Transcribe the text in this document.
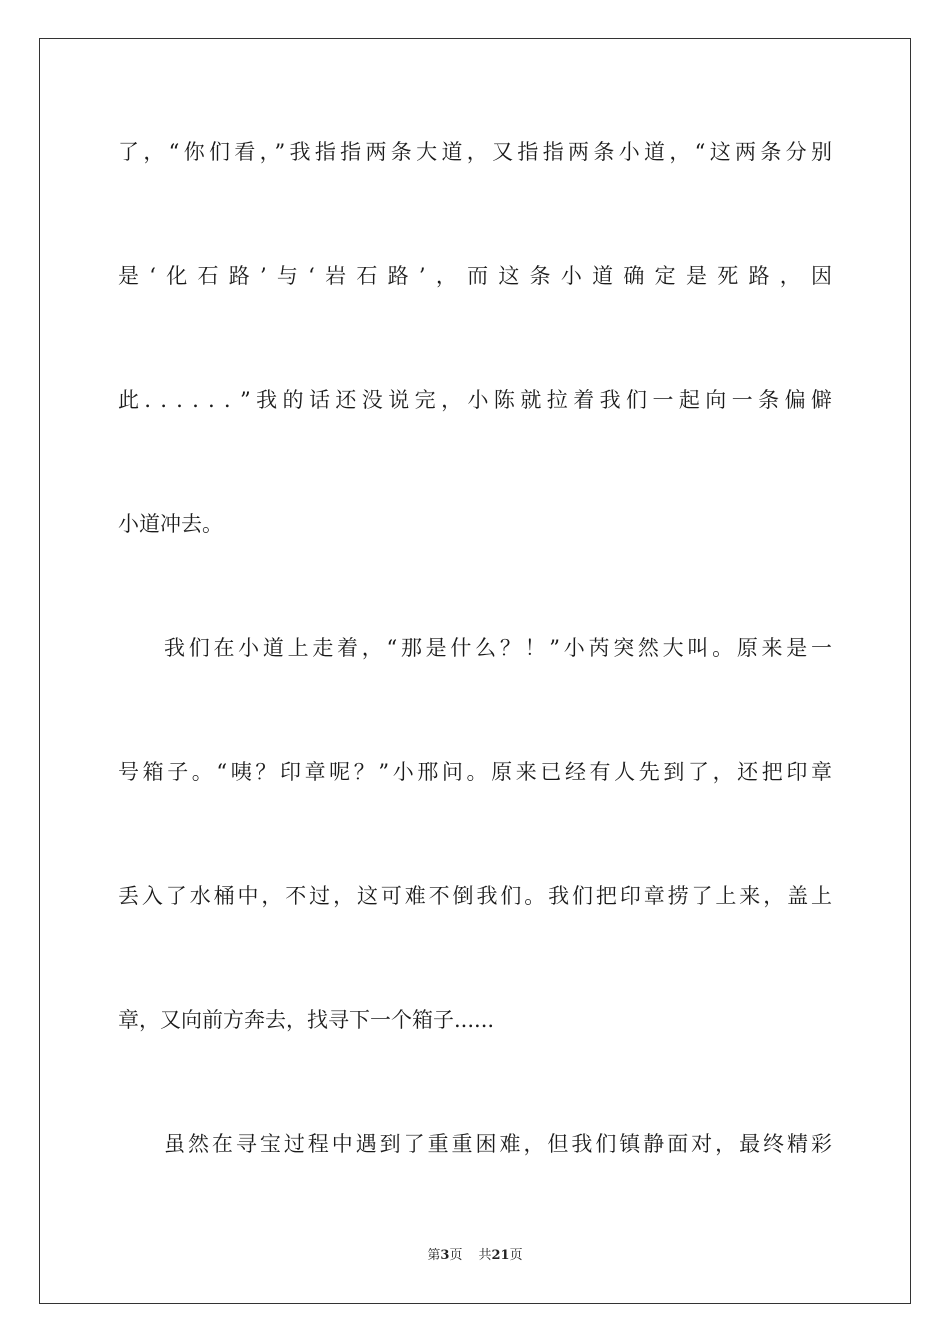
了，“你们看，”我指指两条大道，又指指两条小道，“这两条分别
是‘化石路’与‘岩石路’，而这条小道确定是死路，因
此．．．．．．”我的话还没说完，小陈就拉着我们一起向一条偏僻
小道冲去。
我们在小道上走着，“那是什么？！”小芮突然大叫。原来是一
号箱子。“咦？印章呢？”小邢问。原来已经有人先到了，还把印章
丢入了水桶中，不过，这可难不倒我们。我们把印章捞了上来，盖上
章，又向前方奔去，找寻下一个箱子......
虽然在寻宝过程中遇到了重重困难，但我们镇静面对，最终精彩
第3页 共21页
